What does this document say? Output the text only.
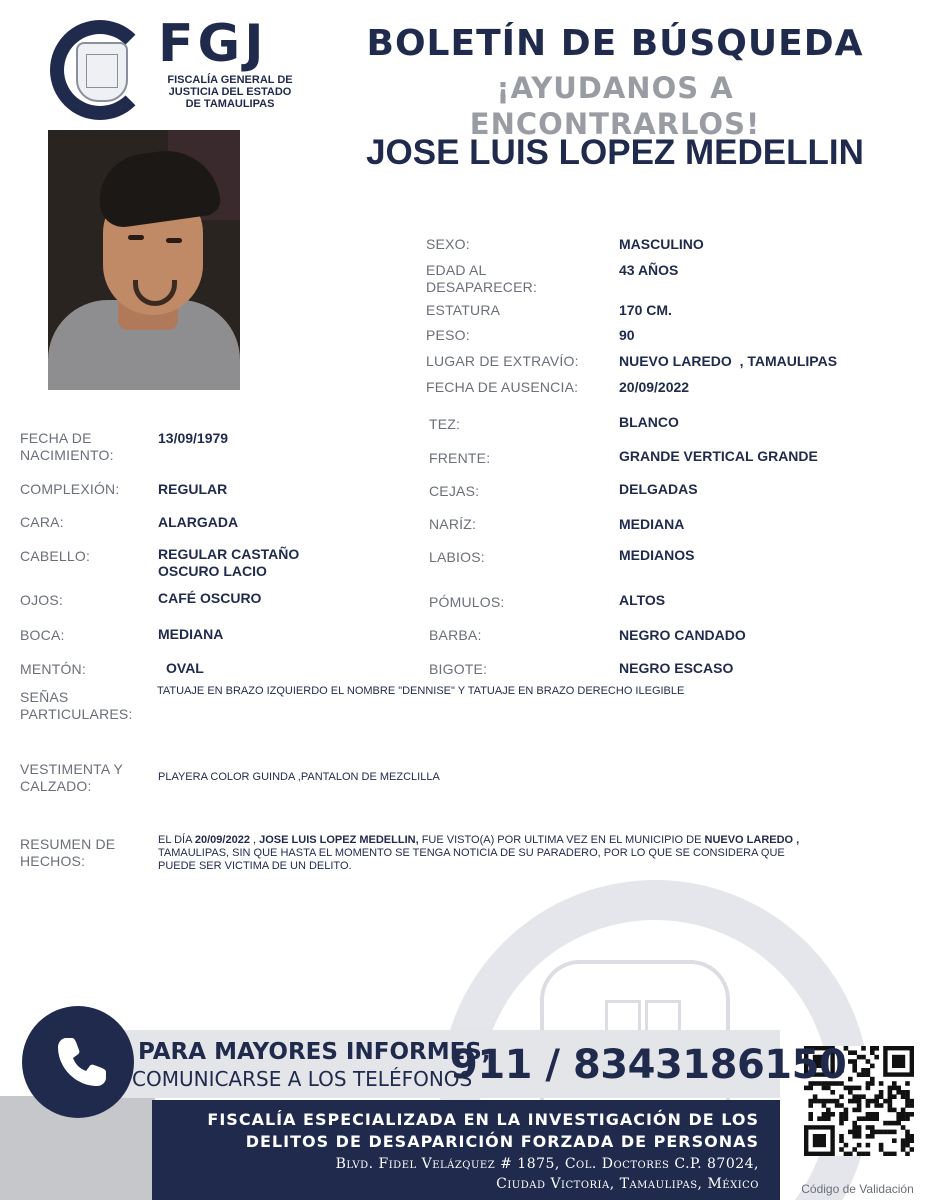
FGJ
FISCALÍA GENERAL DE JUSTICIA DEL ESTADO DE TAMAULIPAS
BOLETÍN DE BÚSQUEDA
¡AYUDANOS A ENCONTRARLOS!
JOSE LUIS LOPEZ MEDELLIN
SEXO:	MASCULINO
EDAD AL
DESAPARECER:
43 AÑOS
ESTATURA	170 CM.
PESO:	90
LUGAR DE EXTRAVÍO:	NUEVO LAREDO  , TAMAULIPAS
FECHA DE AUSENCIA:	20/09/2022
TEZ:	BLANCO
FRENTE:	GRANDE VERTICAL GRANDE
CEJAS:	DELGADAS
NARÍZ:	MEDIANA
LABIOS:	MEDIANOS
PÓMULOS:	ALTOS
BARBA:	NEGRO CANDADO
BIGOTE:	NEGRO ESCASO
FECHA DE
NACIMIENTO:
13/09/1979
COMPLEXIÓN:	REGULAR
CARA:	ALARGADA
CABELLO:	REGULAR CASTAÑO
OSCURO LACIO
OJOS:	CAFÉ OSCURO
BOCA:	MEDIANA
MENTÓN:	OVAL
SEÑAS
PARTICULARES:
TATUAJE EN BRAZO IZQUIERDO EL NOMBRE "DENNISE" Y TATUAJE EN BRAZO DERECHO ILEGIBLE
VESTIMENTA Y
CALZADO:
PLAYERA COLOR GUINDA ,PANTALON DE MEZCLILLA
RESUMEN DE
HECHOS:
EL DÍA 20/09/2022 , JOSE LUIS LOPEZ MEDELLIN, FUE VISTO(A) POR ULTIMA VEZ EN EL MUNICIPIO DE NUEVO LAREDO ,
TAMAULIPAS, SIN QUE HASTA EL MOMENTO SE TENGA NOTICIA DE SU PARADERO, POR LO QUE SE CONSIDERA QUE
PUEDE SER VICTIMA DE UN DELITO.
PARA MAYORES INFORMES,
COMUNICARSE A LOS TELÉFONOS
911 / 8343186150
FISCALÍA ESPECIALIZADA EN LA INVESTIGACIÓN DE LOS
DELITOS DE DESAPARICIÓN FORZADA DE PERSONAS
Blvd. Fidel Velázquez # 1875, Col. Doctores C.P. 87024,
Ciudad Victoria, Tamaulipas, México	Código de Validación
